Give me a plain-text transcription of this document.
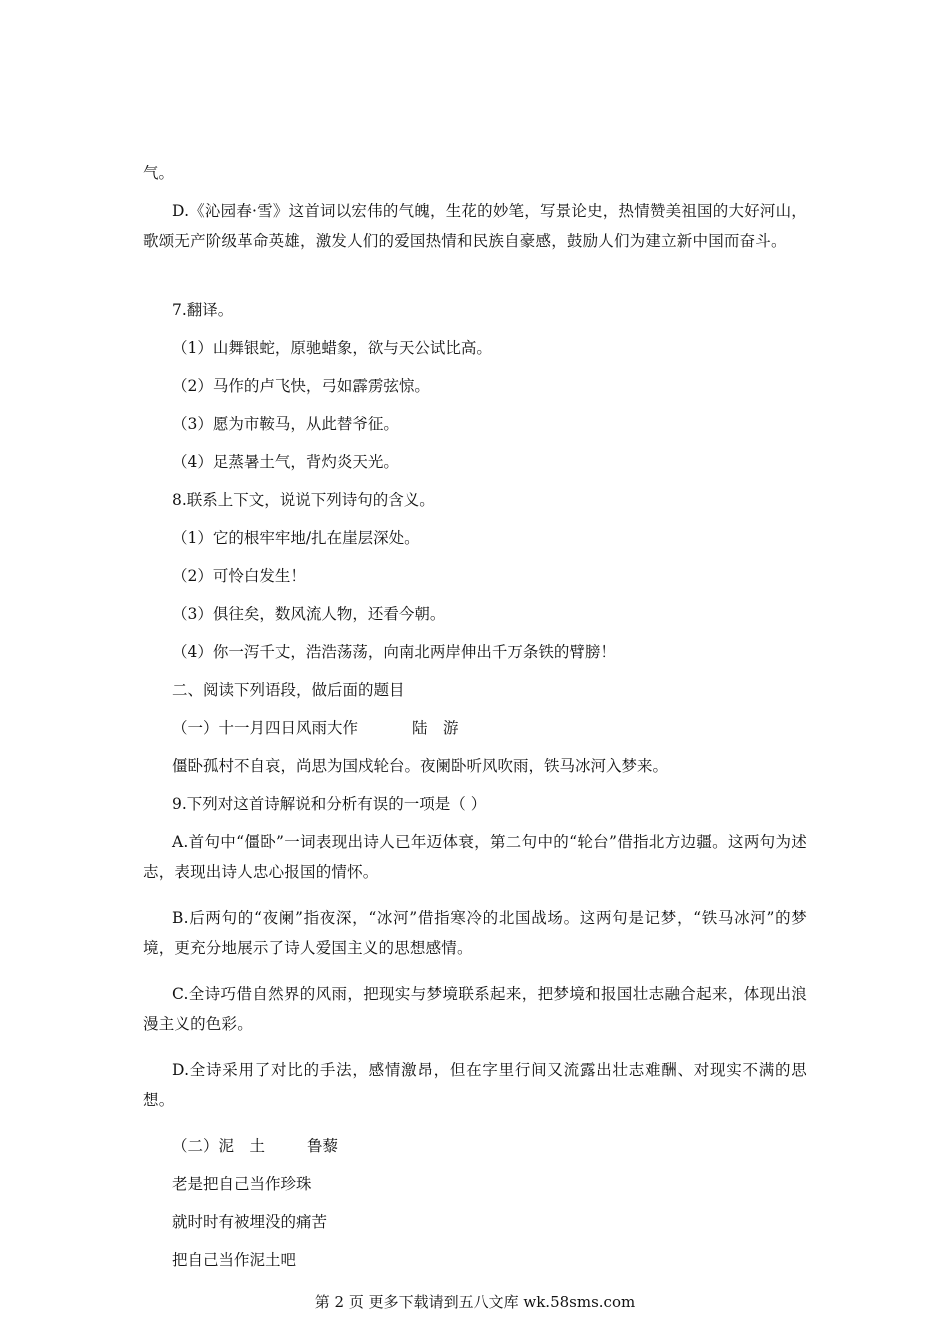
气。
D.《沁园春·雪》这首词以宏伟的气魄，生花的妙笔，写景论史，热情赞美祖国的大好河山，歌颂无产阶级革命英雄，激发人们的爱国热情和民族自豪感，鼓励人们为建立新中国而奋斗。
7.翻译。
（1）山舞银蛇，原驰蜡象，欲与天公试比高。
（2）马作的卢飞快，弓如霹雳弦惊。
（3）愿为市鞍马，从此替爷征。
（4）足蒸暑土气，背灼炎天光。
8.联系上下文，说说下列诗句的含义。
（1）它的根牢牢地/扎在崖层深处。
（2）可怜白发生！
（3）俱往矣，数风流人物，还看今朝。
（4）你一泻千丈，浩浩荡荡，向南北两岸伸出千万条铁的臂膀！
二、阅读下列语段，做后面的题目
（一）十一月四日风雨大作	陆　游
僵卧孤村不自哀，尚思为国戍轮台。夜阑卧听风吹雨，铁马冰河入梦来。
9.下列对这首诗解说和分析有误的一项是（ ）
A.首句中“僵卧”一词表现出诗人已年迈体衰，第二句中的“轮台”借指北方边疆。这两句为述志，表现出诗人忠心报国的情怀。
B.后两句的“夜阑”指夜深，“冰河”借指寒冷的北国战场。这两句是记梦，“铁马冰河”的梦境，更充分地展示了诗人爱国主义的思想感情。
C.全诗巧借自然界的风雨，把现实与梦境联系起来，把梦境和报国壮志融合起来，体现出浪漫主义的色彩。
D.全诗采用了对比的手法，感情激昂，但在字里行间又流露出壮志难酬、对现实不满的思想。
（二）泥　土	鲁藜
老是把自己当作珍珠
就时时有被埋没的痛苦
把自己当作泥土吧
第 2 页 更多下载请到五八文库 wk.58sms.com
